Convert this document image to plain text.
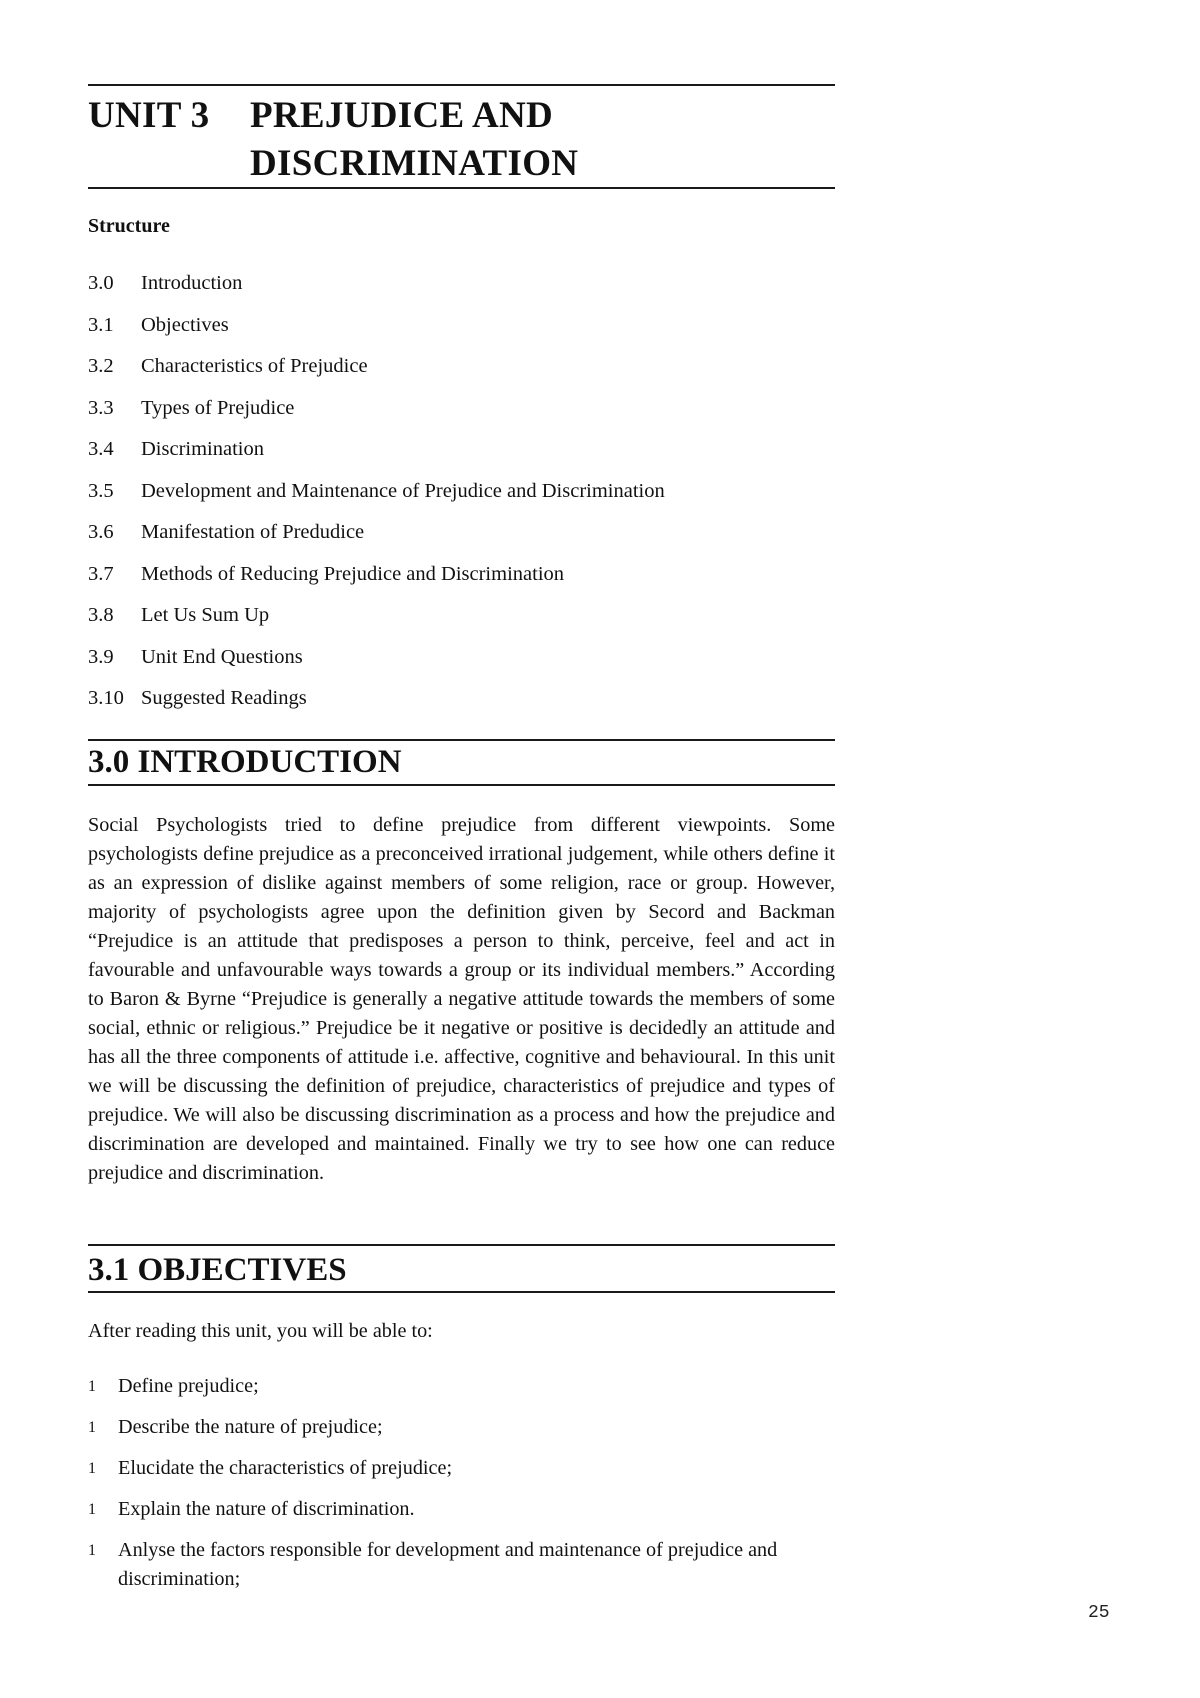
UNIT 3 PREJUDICE AND
DISCRIMINATION
Structure
3.0 Introduction
3.1 Objectives
3.2 Characteristics of Prejudice
3.3 Types of Prejudice
3.4 Discrimination
3.5 Development and Maintenance of Prejudice and Discrimination
3.6 Manifestation of Predudice
3.7 Methods of Reducing Prejudice and Discrimination
3.8 Let Us Sum Up
3.9 Unit End Questions
3.10 Suggested Readings
3.0 INTRODUCTION

Social Psychologists tried to define prejudice from different viewpoints. Some psychologists define prejudice as a preconceived irrational judgement, while others define it as an expression of dislike against members of some religion, race or group. However, majority of psychologists agree upon the definition given by Secord and Backman “Prejudice is an attitude that predisposes a person to think, perceive, feel and act in favourable and unfavourable ways towards a group or its individual members.” According to Baron & Byrne “Prejudice is generally a negative attitude towards the members of some social, ethnic or religious.” Prejudice be it negative or positive is decidedly an attitude and has all the three components of attitude i.e. affective, cognitive and behavioural. In this unit we will be discussing the definition of prejudice, characteristics of prejudice and types of prejudice. We will also be discussing discrimination as a process and how the prejudice and discrimination are developed and maintained. Finally we try to see how one can reduce prejudice and discrimination.

3.1 OBJECTIVES

After reading this unit, you will be able to:

1 Define prejudice;
1 Describe the nature of prejudice;
1 Elucidate the characteristics of prejudice;
1 Explain the nature of discrimination.
1 Anlyse the factors responsible for development and maintenance of prejudice and discrimination;
25
